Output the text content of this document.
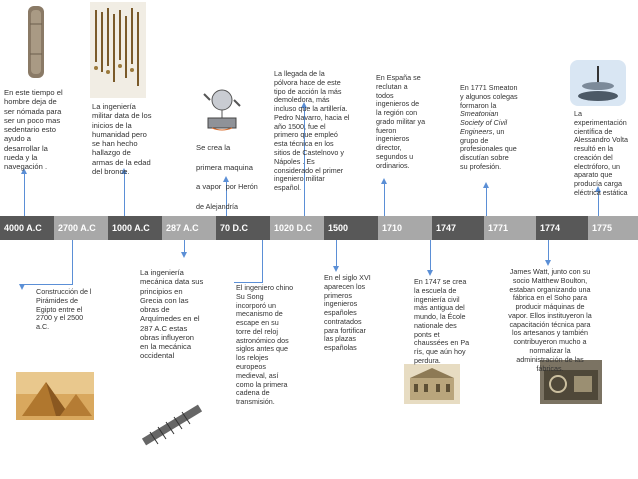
4000 A.C	2700 A.C	1000 A.C	287 A.C	70 D.C	1020 D.C	1500	1710	1747	1771	1774	1775
En este tiempo el hombre deja de ser nómada para ser un poco mas sedentario esto ayudo a desarrollar la rueda y la navegación .
Construcción de l Pirámides de Egipto entre el 2700 y el 2500 a.C.
La ingeniería militar data de los inicios de la humanidad pero se han hecho hallazgo de armas de la edad del bronce.
La ingeniería mecánica data sus principios en Grecia con las obras de Arquímedes en el 287 A.C estas obras influyeron en la mecánica occidental
Se crea la primera maquina a vapor por Herón de Alejandría
El ingeniero chino Su Song incorporó un mecanismo de escape en su torre del reloj astronómico dos siglos antes que los relojes europeos medieval, así como la primera cadena de transmisión.
La llegada de la pólvora hace de este tipo de acción la más demoledora, más incluso que la artillería. Pedro Navarro, hacia el año 1500, fue el primero que empleó esta técnica en los sitios de Castelnovo y Nápoles . Es considerado el primer ingeniero militar español.
En el siglo XVI aparecen los primeros ingenieros españoles contratados para fortificar las plazas españolas
En España se reclutan a todos ingenieros de la región con grado militar ya fueron ingenieros director, segundos u ordinarios.
En 1747 se crea la escuela de ingeniería civil más antigua del mundo, la École nationale des ponts et chaussées en Pa rís, que aún hoy perdura.
En 1771 Smeaton y algunos colegas formaron la Smeatonian Society of Civil Engineers, un grupo de profesionales que discutían sobre su profesión.
James Watt, junto con su socio Matthew Boulton, estaban organizando una fábrica en el Soho para producir máquinas de vapor. Ellos instituyeron la capacitación técnica para los artesanos y también contribuyeron mucho a normalizar la administración de las fábricas.
La experimentación científica de Alessandro Volta resultó en la creación del electróforo, un aparato que producía carga eléctrica estática
